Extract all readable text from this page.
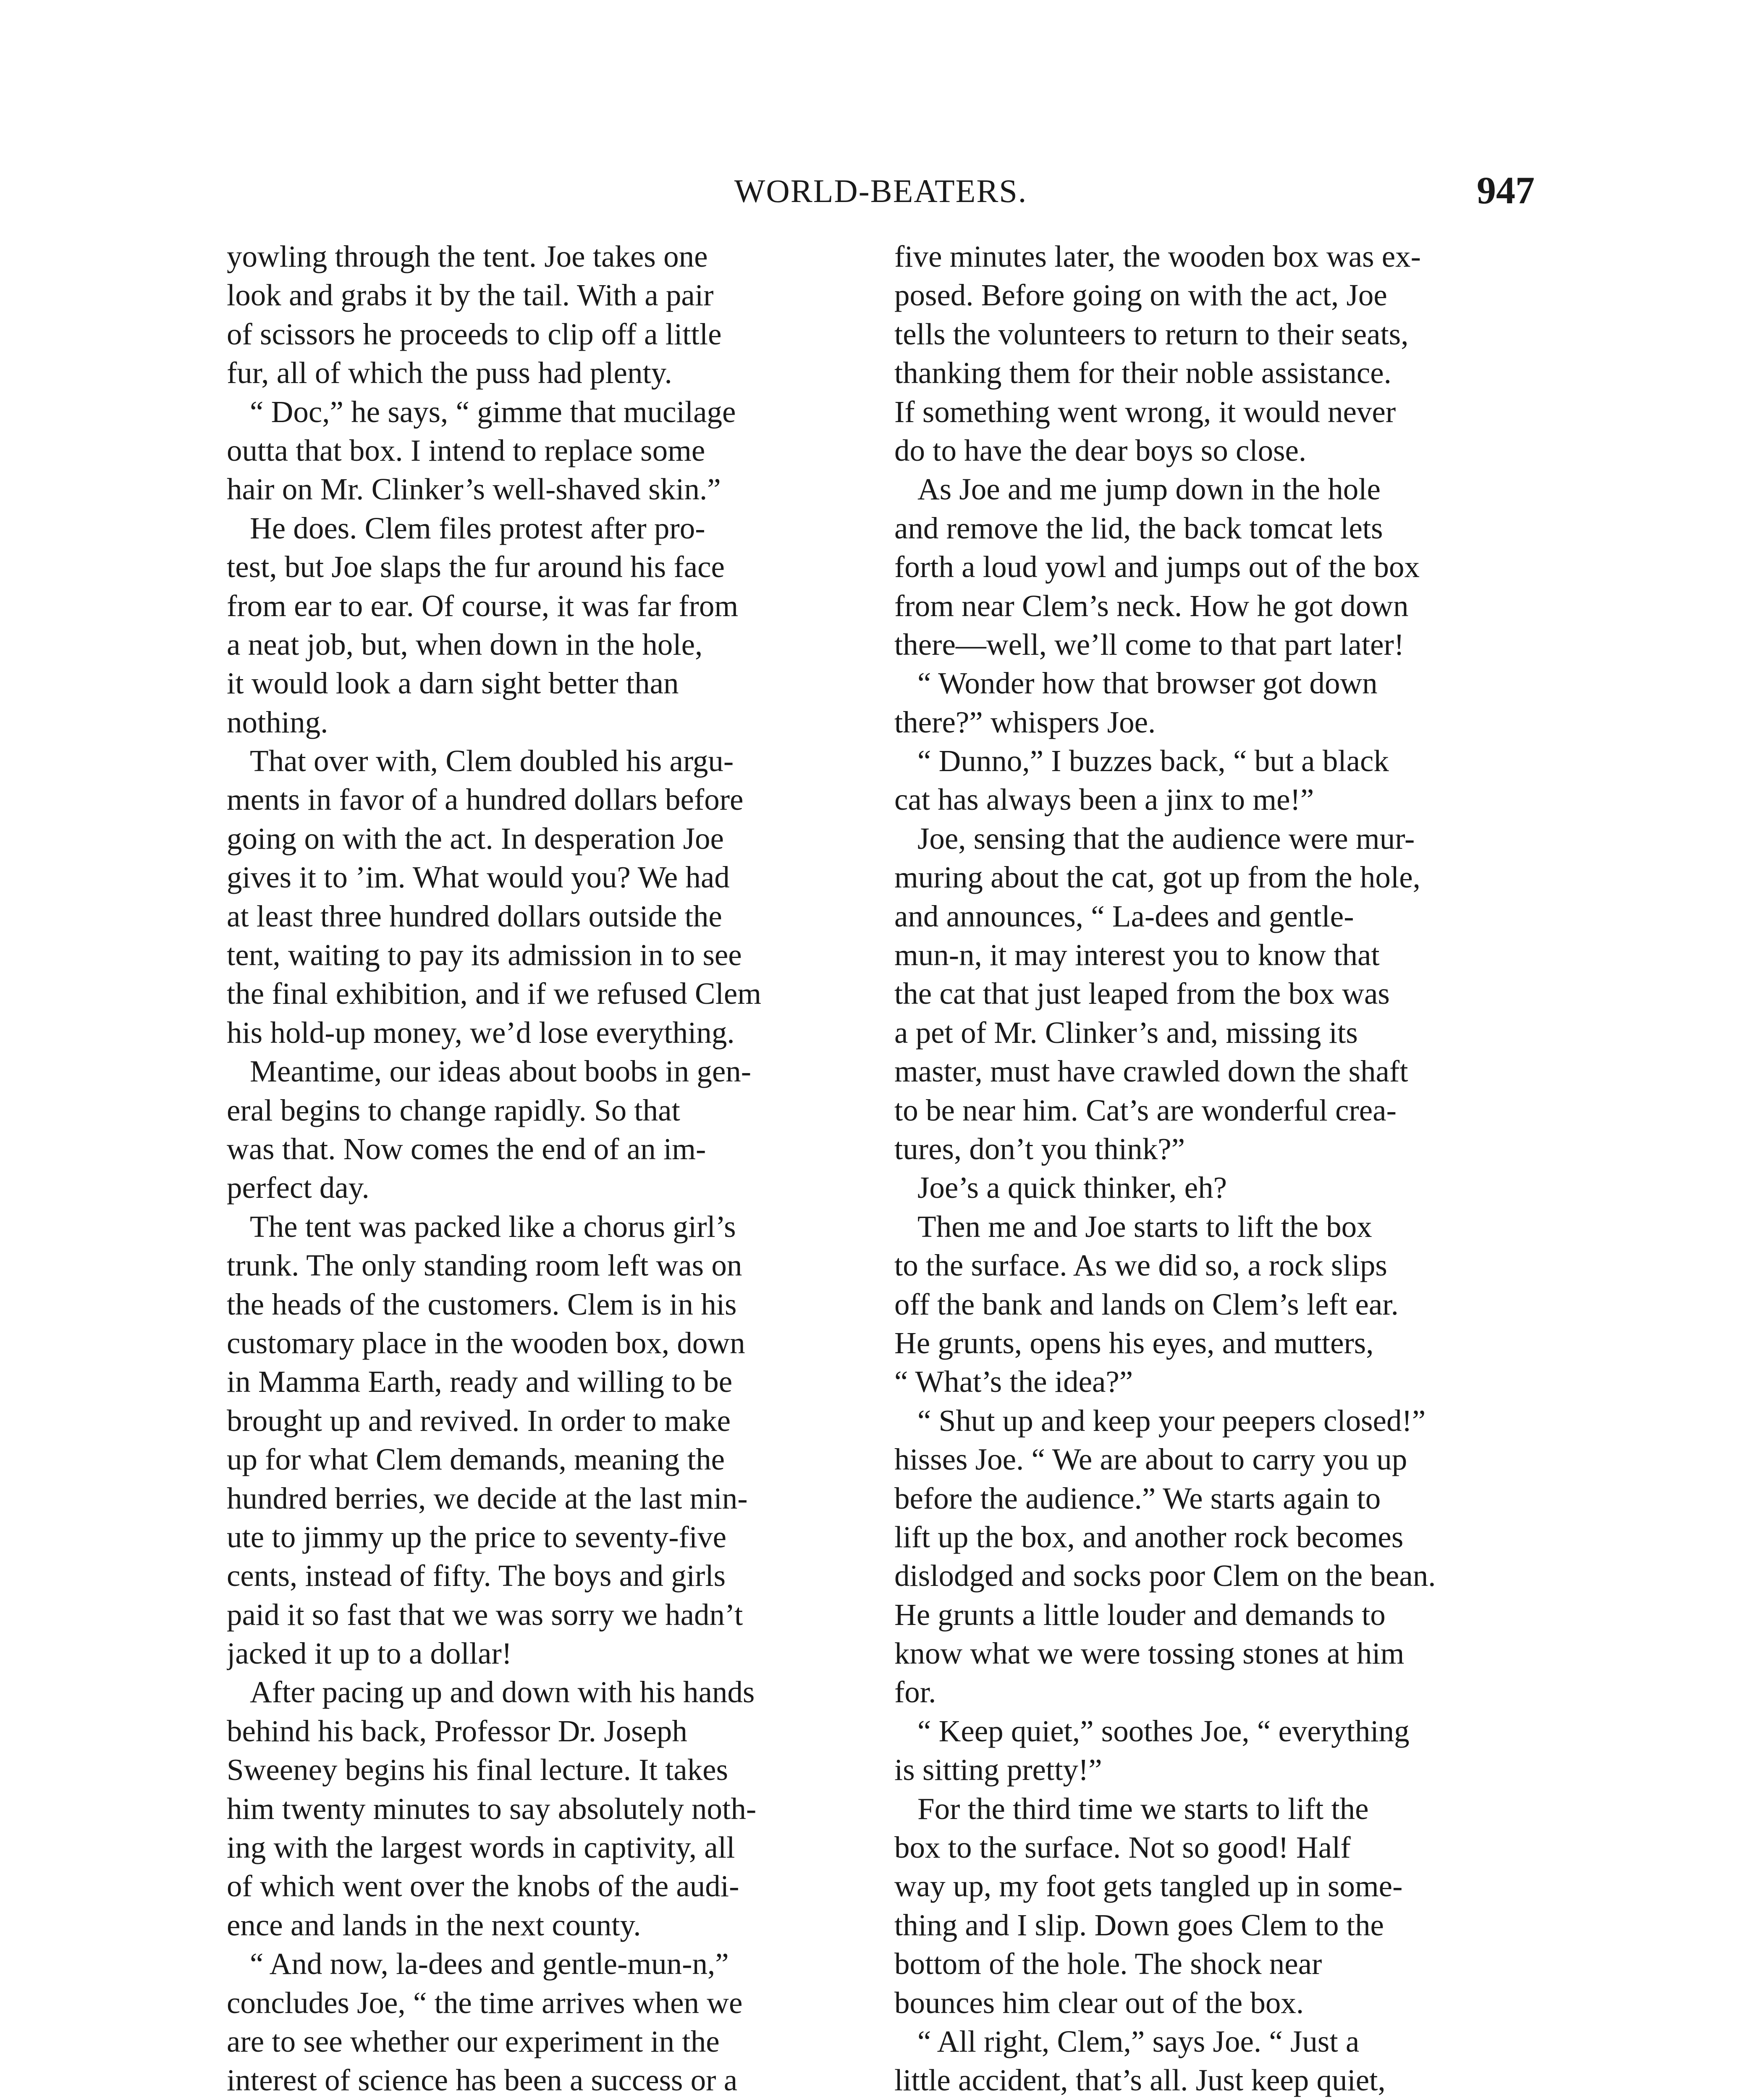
WORLD-BEATERS.	947
yowling through the tent. Joe takes one
look and grabs it by the tail. With a pair
of scissors he proceeds to clip off a little
fur, all of which the puss had plenty.
“ Doc,” he says, “ gimme that mucilage
outta that box. I intend to replace some
hair on Mr. Clinker’s well-shaved skin.”
He does. Clem files protest after pro-
test, but Joe slaps the fur around his face
from ear to ear. Of course, it was far from
a neat job, but, when down in the hole,
it would look a darn sight better than
nothing.
That over with, Clem doubled his argu-
ments in favor of a hundred dollars before
going on with the act. In desperation Joe
gives it to ’im. What would you? We had
at least three hundred dollars outside the
tent, waiting to pay its admission in to see
the final exhibition, and if we refused Clem
his hold-up money, we’d lose everything.
Meantime, our ideas about boobs in gen-
eral begins to change rapidly. So that
was that. Now comes the end of an im-
perfect day.
The tent was packed like a chorus girl’s
trunk. The only standing room left was on
the heads of the customers. Clem is in his
customary place in the wooden box, down
in Mamma Earth, ready and willing to be
brought up and revived. In order to make
up for what Clem demands, meaning the
hundred berries, we decide at the last min-
ute to jimmy up the price to seventy-five
cents, instead of fifty. The boys and girls
paid it so fast that we was sorry we hadn’t
jacked it up to a dollar!
After pacing up and down with his hands
behind his back, Professor Dr. Joseph
Sweeney begins his final lecture. It takes
him twenty minutes to say absolutely noth-
ing with the largest words in captivity, all
of which went over the knobs of the audi-
ence and lands in the next county.
“ And now, la-dees and gentle-mun-n,”
concludes Joe, “ the time arrives when we
are to see whether our experiment in the
interest of science has been a success or a
five minutes later, the wooden box was ex-
posed. Before going on with the act, Joe
tells the volunteers to return to their seats,
thanking them for their noble assistance.
If something went wrong, it would never
do to have the dear boys so close.
As Joe and me jump down in the hole
and remove the lid, the back tomcat lets
forth a loud yowl and jumps out of the box
from near Clem’s neck. How he got down
there—well, we’ll come to that part later!
“ Wonder how that browser got down
there?” whispers Joe.
“ Dunno,” I buzzes back, “ but a black
cat has always been a jinx to me!”
Joe, sensing that the audience were mur-
muring about the cat, got up from the hole,
and announces, “ La-dees and gentle-
mun-n, it may interest you to know that
the cat that just leaped from the box was
a pet of Mr. Clinker’s and, missing its
master, must have crawled down the shaft
to be near him. Cat’s are wonderful crea-
tures, don’t you think?”
Joe’s a quick thinker, eh?
Then me and Joe starts to lift the box
to the surface. As we did so, a rock slips
off the bank and lands on Clem’s left ear.
He grunts, opens his eyes, and mutters,
“ What’s the idea?”
“ Shut up and keep your peepers closed!”
hisses Joe. “ We are about to carry you up
before the audience.” We starts again to
lift up the box, and another rock becomes
dislodged and socks poor Clem on the bean.
He grunts a little louder and demands to
know what we were tossing stones at him
for.
“ Keep quiet,” soothes Joe, “ everything
is sitting pretty!”
For the third time we starts to lift the
box to the surface. Not so good! Half
way up, my foot gets tangled up in some-
thing and I slip. Down goes Clem to the
bottom of the hole. The shock near
bounces him clear out of the box.
“ All right, Clem,” says Joe. “ Just a
little accident, that’s all. Just keep quiet,
